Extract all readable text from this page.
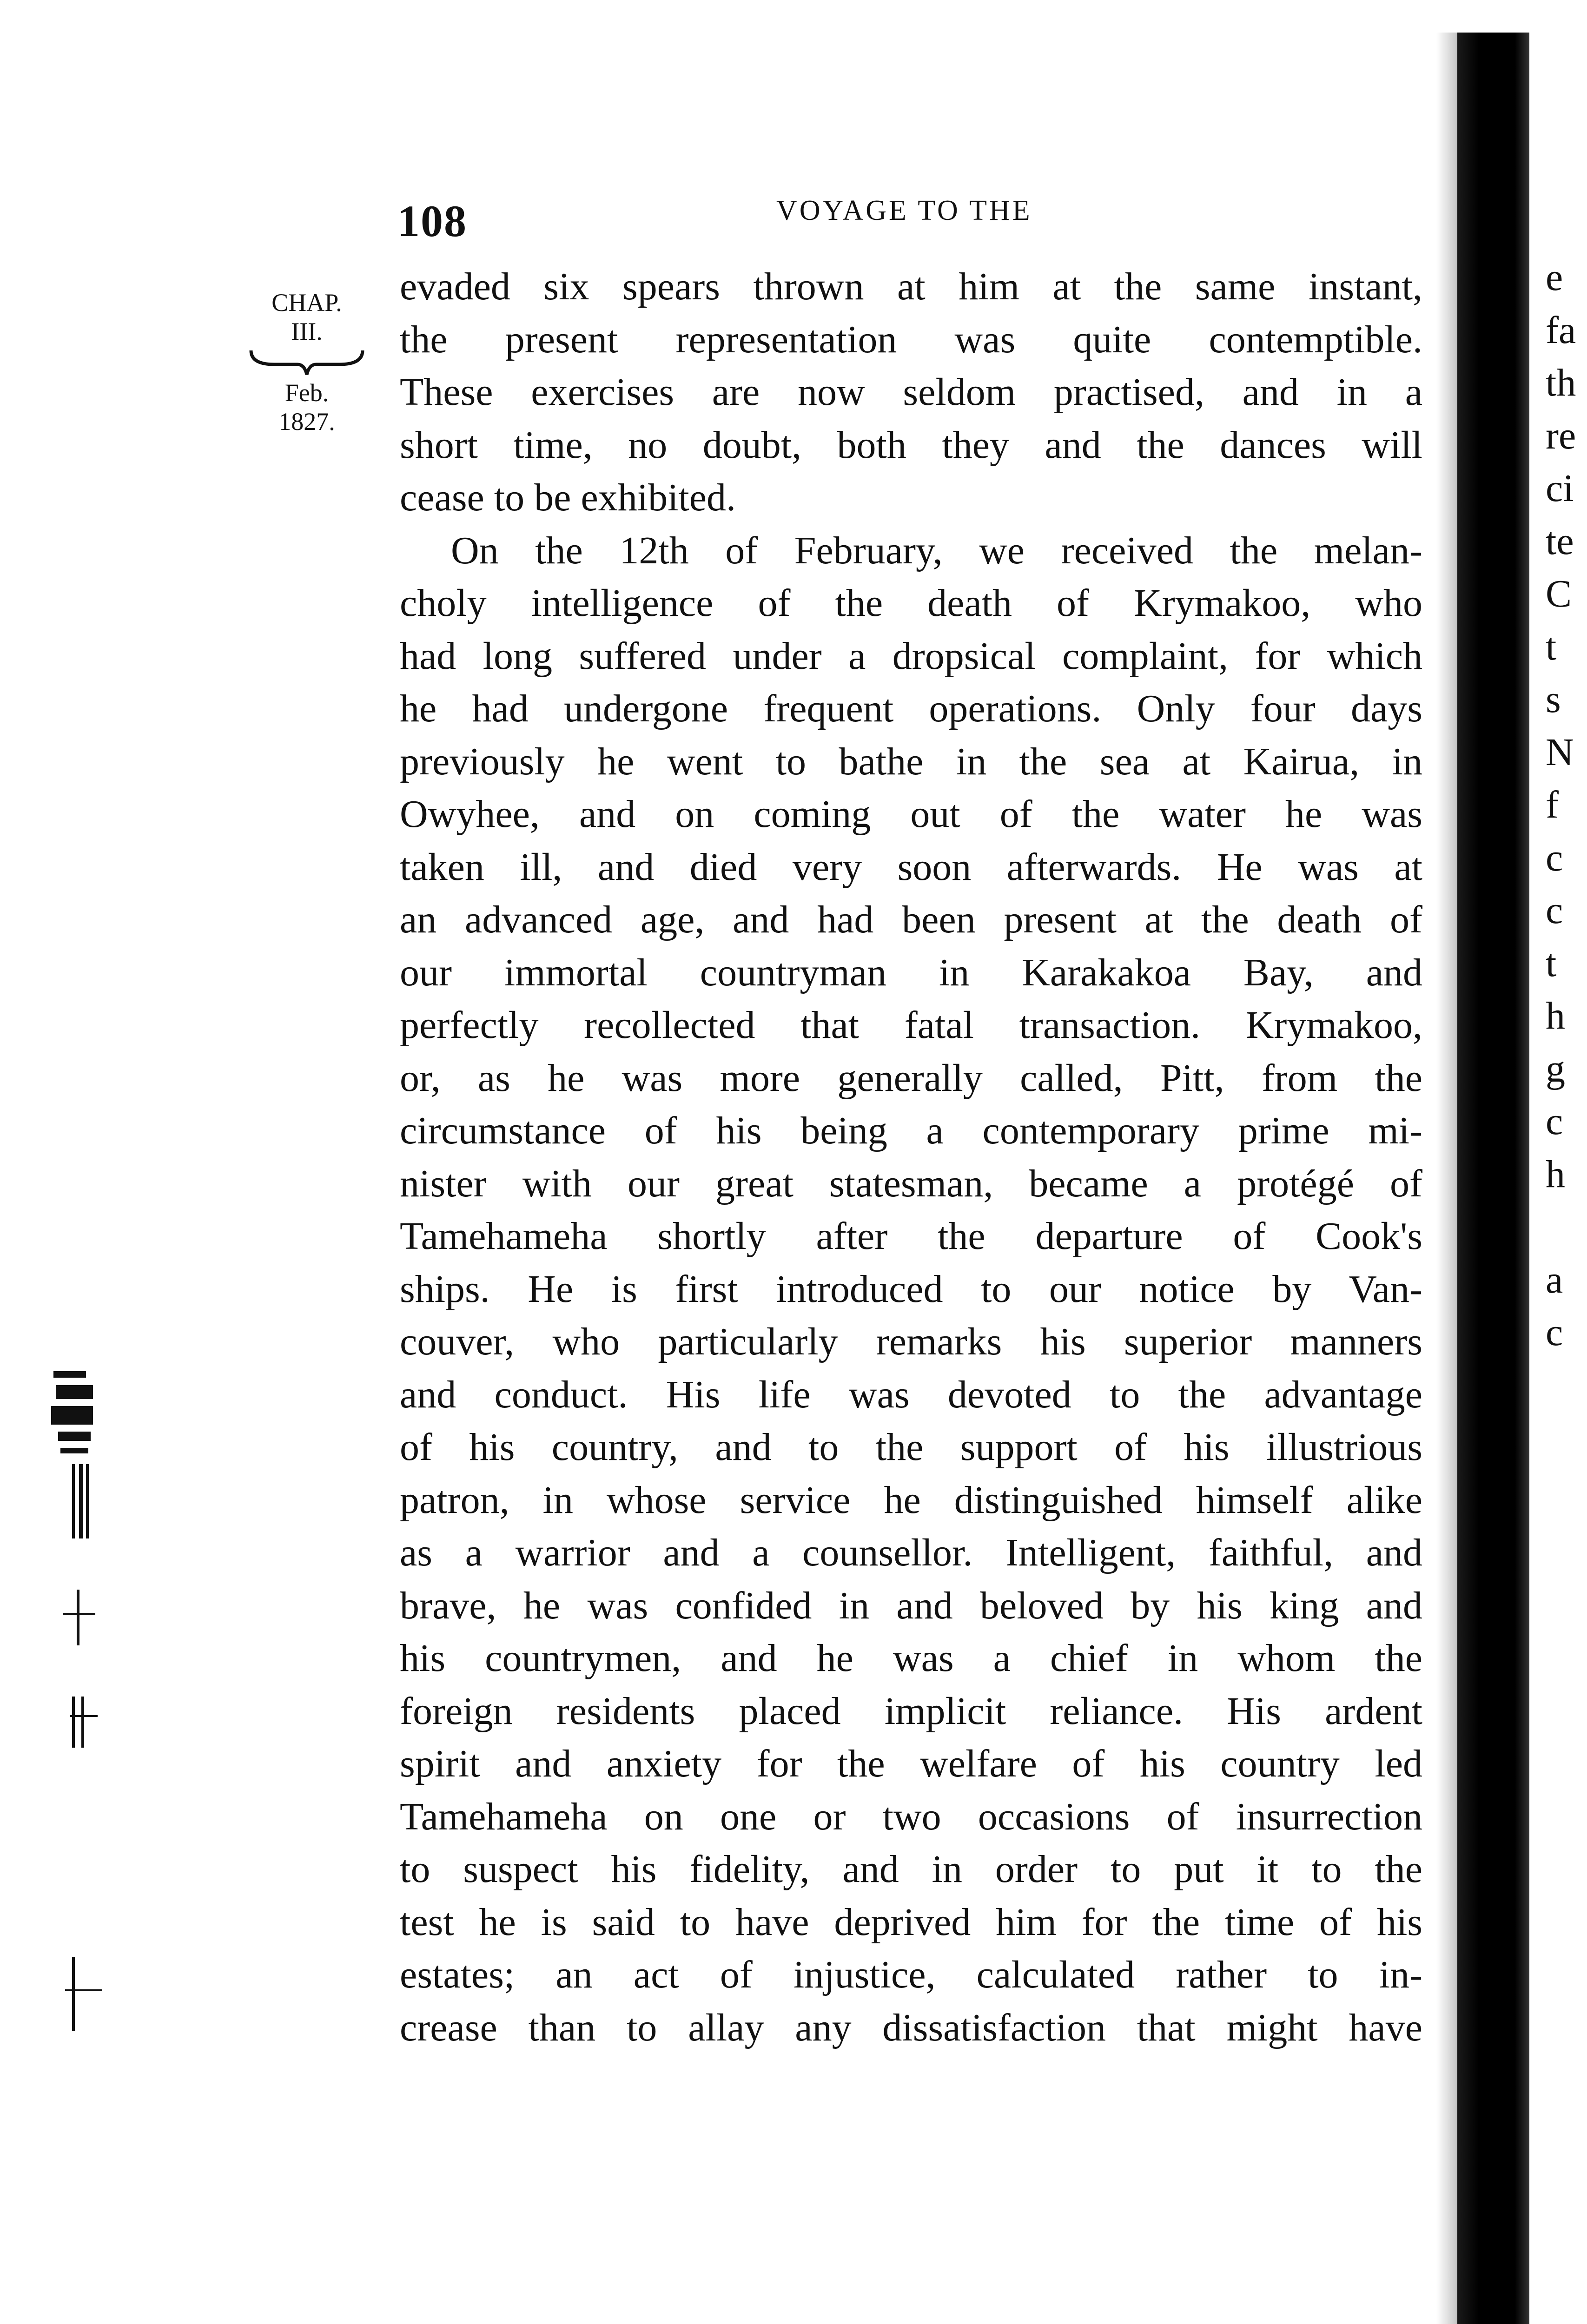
108	VOYAGE TO THE
CHAP.
III.
Feb.
1827.
evaded six spears thrown at him at the same instant,
the present representation was quite contemptible.
These exercises are now seldom practised, and in a
short time, no doubt, both they and the dances will
cease to be exhibited.
On the 12th of February, we received the melan-
choly intelligence of the death of Krymakoo, who
had long suffered under a dropsical complaint, for which
he had undergone frequent operations. Only four days
previously he went to bathe in the sea at Kairua, in
Owyhee, and on coming out of the water he was
taken ill, and died very soon afterwards. He was at
an advanced age, and had been present at the death of
our immortal countryman in Karakakoa Bay, and
perfectly recollected that fatal transaction. Krymakoo,
or, as he was more generally called, Pitt, from the
circumstance of his being a contemporary prime mi-
nister with our great statesman, became a protégé of
Tamehameha shortly after the departure of Cook's
ships. He is first introduced to our notice by Van-
couver, who particularly remarks his superior manners
and conduct. His life was devoted to the advantage
of his country, and to the support of his illustrious
patron, in whose service he distinguished himself alike
as a warrior and a counsellor. Intelligent, faithful, and
brave, he was confided in and beloved by his king and
his countrymen, and he was a chief in whom the
foreign residents placed implicit reliance. His ardent
spirit and anxiety for the welfare of his country led
Tamehameha on one or two occasions of insurrection
to suspect his fidelity, and in order to put it to the
test he is said to have deprived him for the time of his
estates; an act of injustice, calculated rather to in-
crease than to allay any dissatisfaction that might have
e
fa
th
re
ci
te
C
t
s
N
f
c
c
t
h
g
c
h
a
c
